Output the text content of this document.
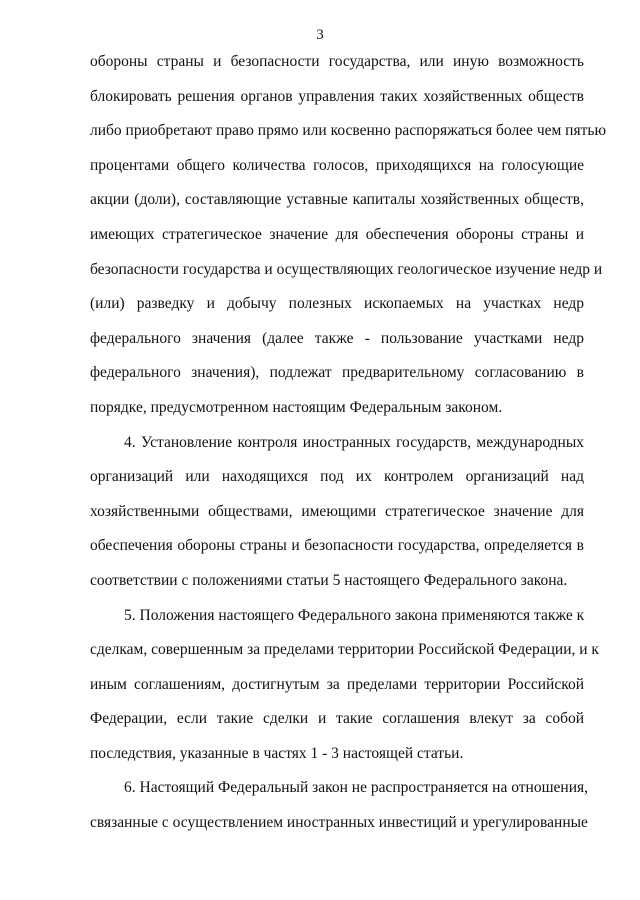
3
обороны страны и безопасности государства, или иную возможность
блокировать решения органов управления таких хозяйственных обществ
либо приобретают право прямо или косвенно распоряжаться более чем пятью
процентами общего количества голосов, приходящихся на голосующие
акции (доли), составляющие уставные капиталы хозяйственных обществ,
имеющих стратегическое значение для обеспечения обороны страны и
безопасности государства и осуществляющих геологическое изучение недр и
(или) разведку и добычу полезных ископаемых на участках недр
федерального значения (далее также - пользование участками недр
федерального значения), подлежат предварительному согласованию в
порядке, предусмотренном настоящим Федеральным законом.
4. Установление контроля иностранных государств, международных
организаций или находящихся под их контролем организаций над
хозяйственными обществами, имеющими стратегическое значение для
обеспечения обороны страны и безопасности государства, определяется в
соответствии с положениями статьи 5 настоящего Федерального закона.
5. Положения настоящего Федерального закона применяются также к
сделкам, совершенным за пределами территории Российской Федерации, и к
иным соглашениям, достигнутым за пределами территории Российской
Федерации, если такие сделки и такие соглашения влекут за собой
последствия, указанные в частях 1 - 3 настоящей статьи.
6. Настоящий Федеральный закон не распространяется на отношения,
связанные с осуществлением иностранных инвестиций и урегулированные
